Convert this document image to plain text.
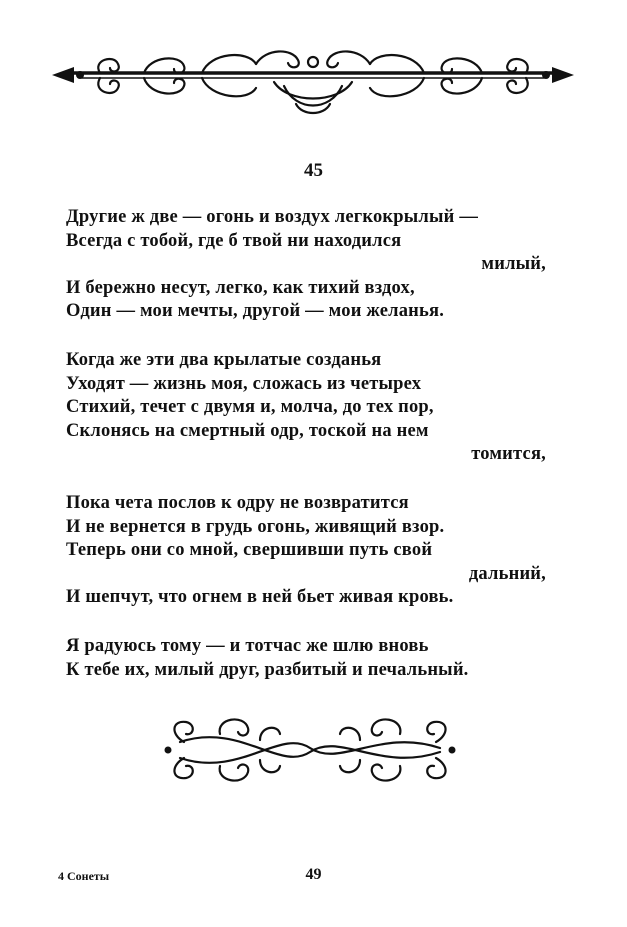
45
Другие ж две — огонь и воздух легкокрылый —
Всегда с тобой, где б твой ни находился
милый,
И бережно несут, легко, как тихий вздох,
Один — мои мечты, другой — мои желанья.
Когда же эти два крылатые созданья
Уходят — жизнь моя, сложась из четырех
Стихий, течет с двумя и, молча, до тех пор,
Склонясь на смертный одр, тоской на нем
томится,
Пока чета послов к одру не возвратится
И не вернется в грудь огонь, живящий взор.
Теперь они со мной, свершивши путь свой
дальний,
И шепчут, что огнем в ней бьет живая кровь.
Я радуюсь тому — и тотчас же шлю вновь
К тебе их, милый друг, разбитый и печальный.
4 Сонеты	49
